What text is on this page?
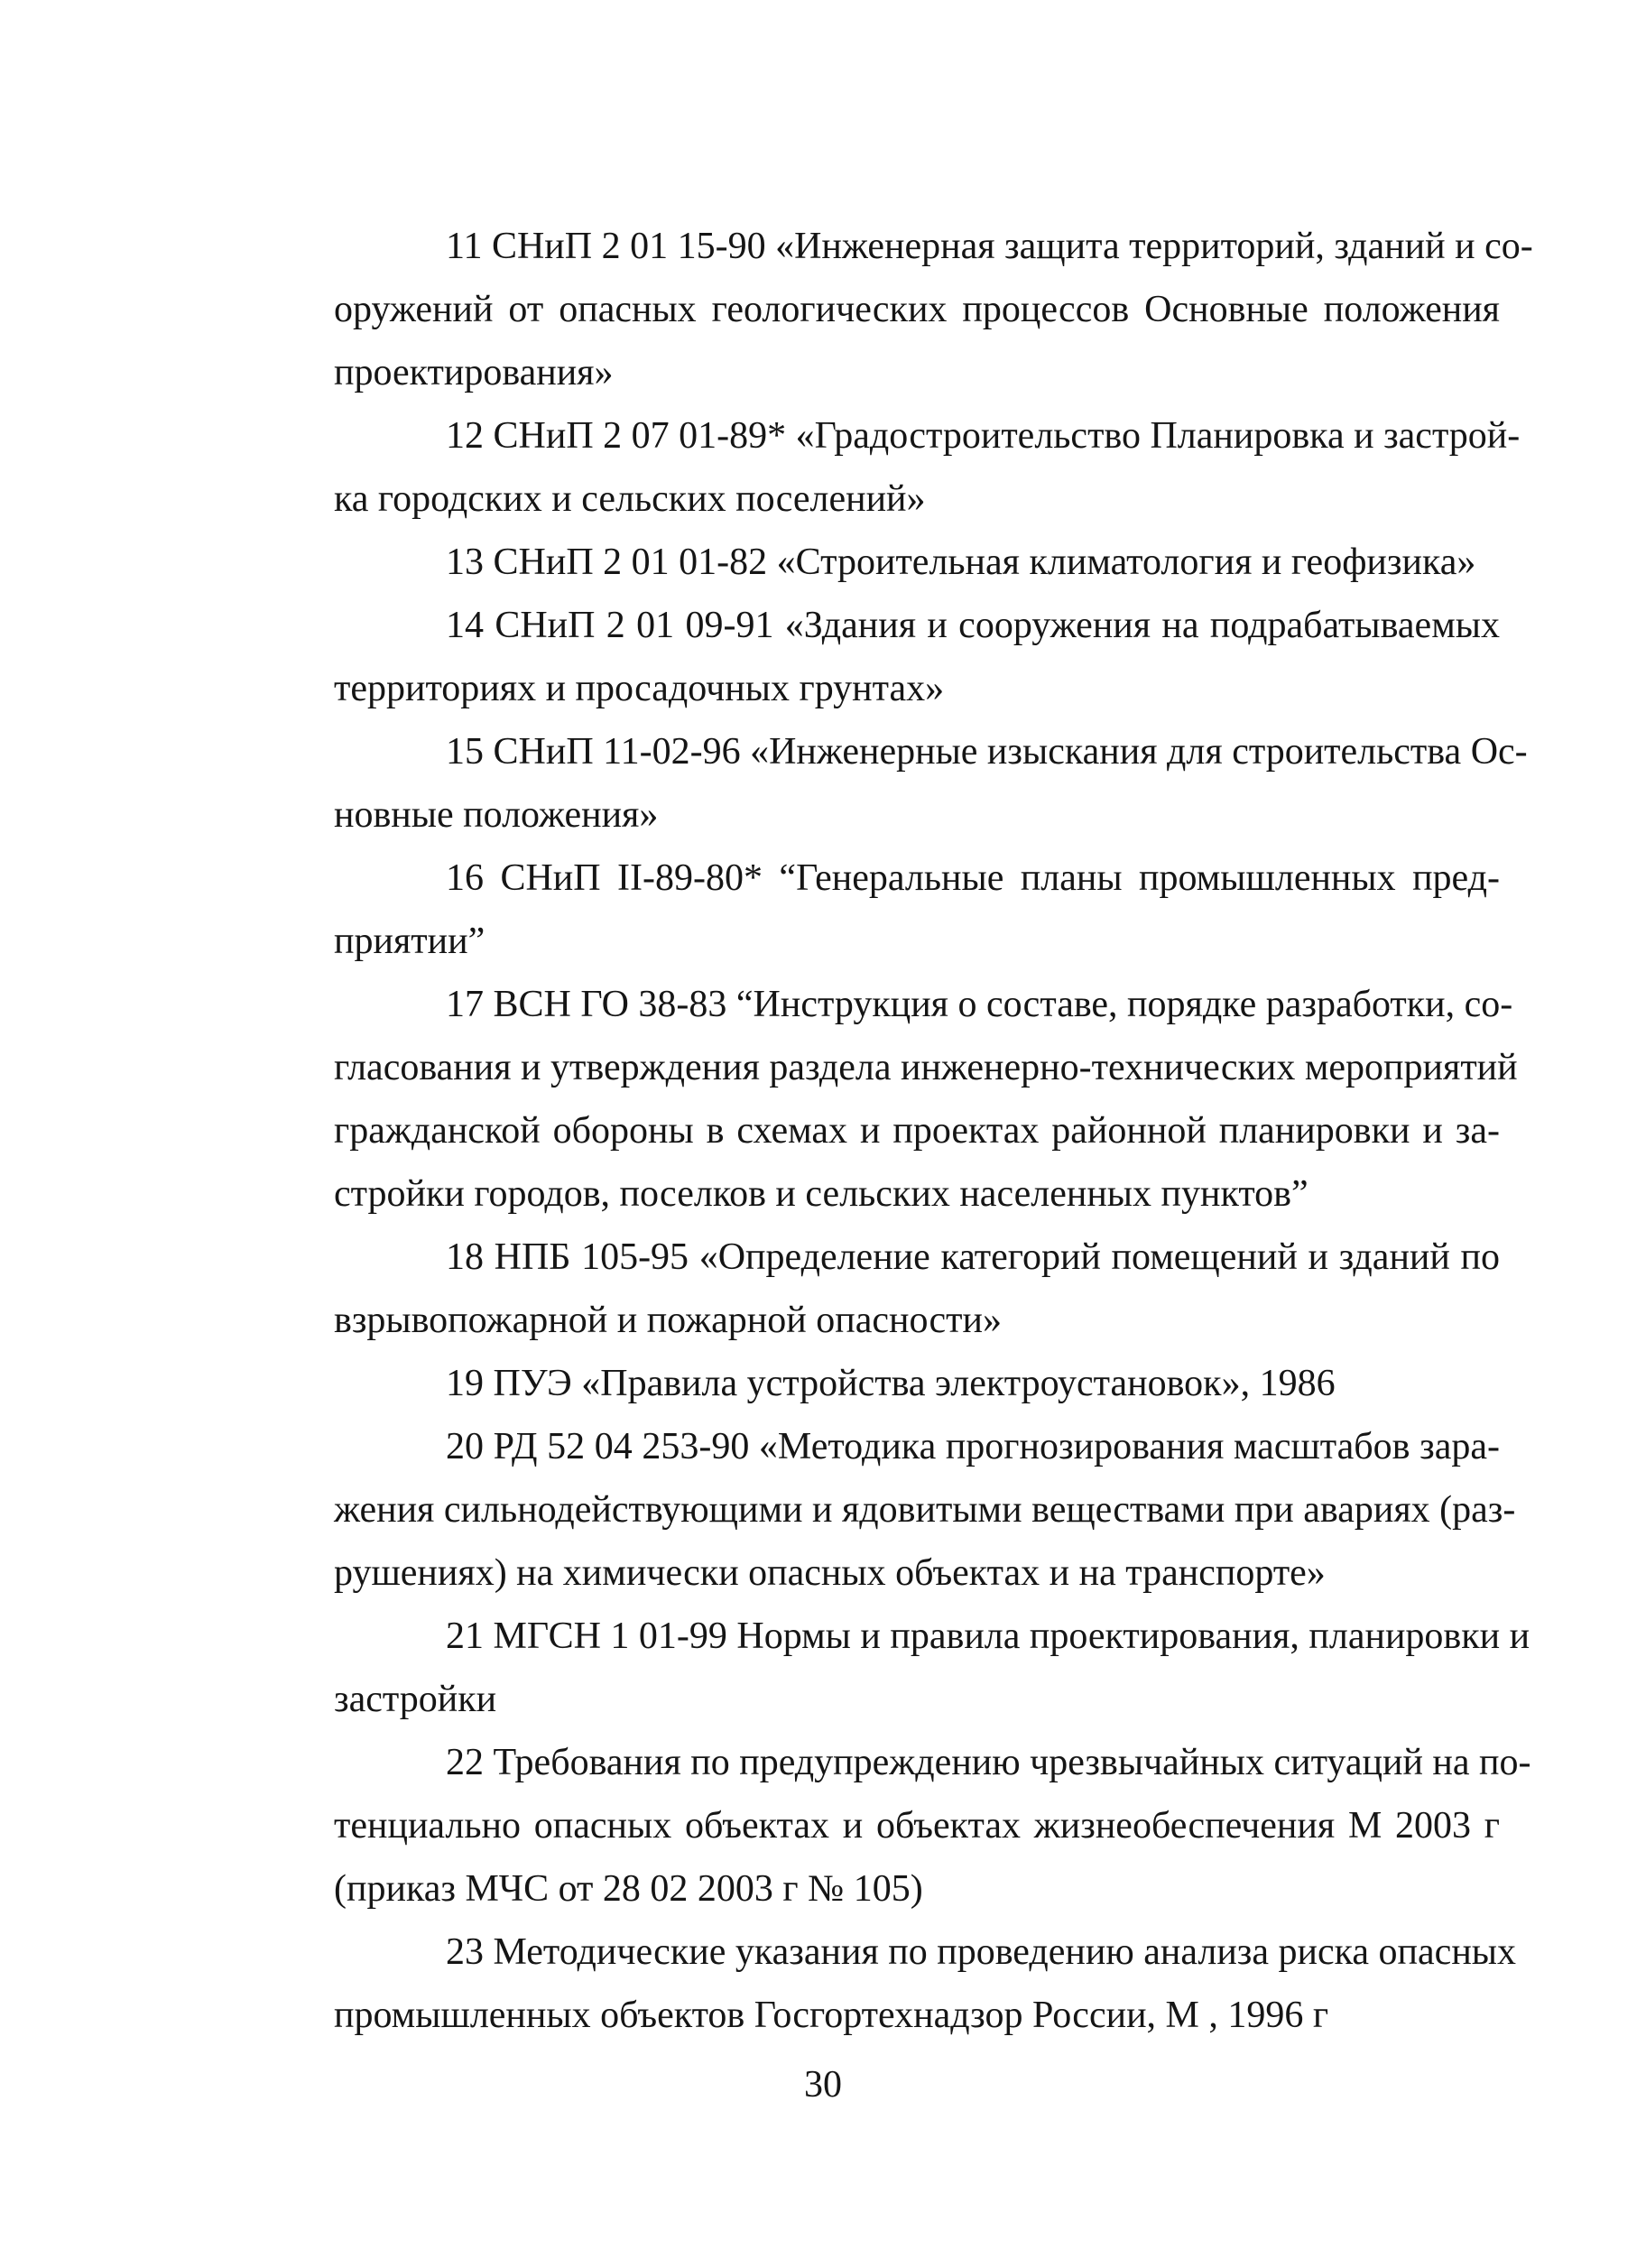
11 СНиП 2 01 15-90 «Инженерная защита территорий, зданий и со-
оружений от опасных геологических процессов Основные положения
проектирования»
12 СНиП 2 07 01-89* «Градостроительство Планировка и застрой-
ка городских и сельских поселений»
13 СНиП 2 01 01-82 «Строительная климатология и геофизика»
14 СНиП 2 01 09-91 «Здания и сооружения на подрабатываемых
территориях и просадочных грунтах»
15 СНиП 11-02-96 «Инженерные изыскания для строительства Ос-
новные положения»
16 СНиП II-89-80* “Генеральные планы промышленных пред-
приятии”
17 ВСН ГО 38-83 “Инструкция о составе, порядке разработки, со-
гласования и утверждения раздела инженерно-технических мероприятий
гражданской обороны в схемах и проектах районной планировки и за-
стройки городов, поселков и сельских населенных пунктов”
18 НПБ 105-95 «Определение категорий помещений и зданий по
взрывопожарной и пожарной опасности»
19 ПУЭ «Правила устройства электроустановок», 1986
20 РД 52 04 253-90 «Методика прогнозирования масштабов зара-
жения сильнодействующими и ядовитыми веществами при авариях (раз-
рушениях) на химически опасных объектах и на транспорте»
21 МГСН 1 01-99 Нормы и правила проектирования, планировки и
застройки
22 Требования по предупреждению чрезвычайных ситуаций на по-
тенциально опасных объектах и объектах жизнеобеспечения М 2003 г
(приказ МЧС от 28 02 2003 г № 105)
23 Методические указания по проведению анализа риска опасных
промышленных объектов Госгортехнадзор России, М , 1996 г
30
